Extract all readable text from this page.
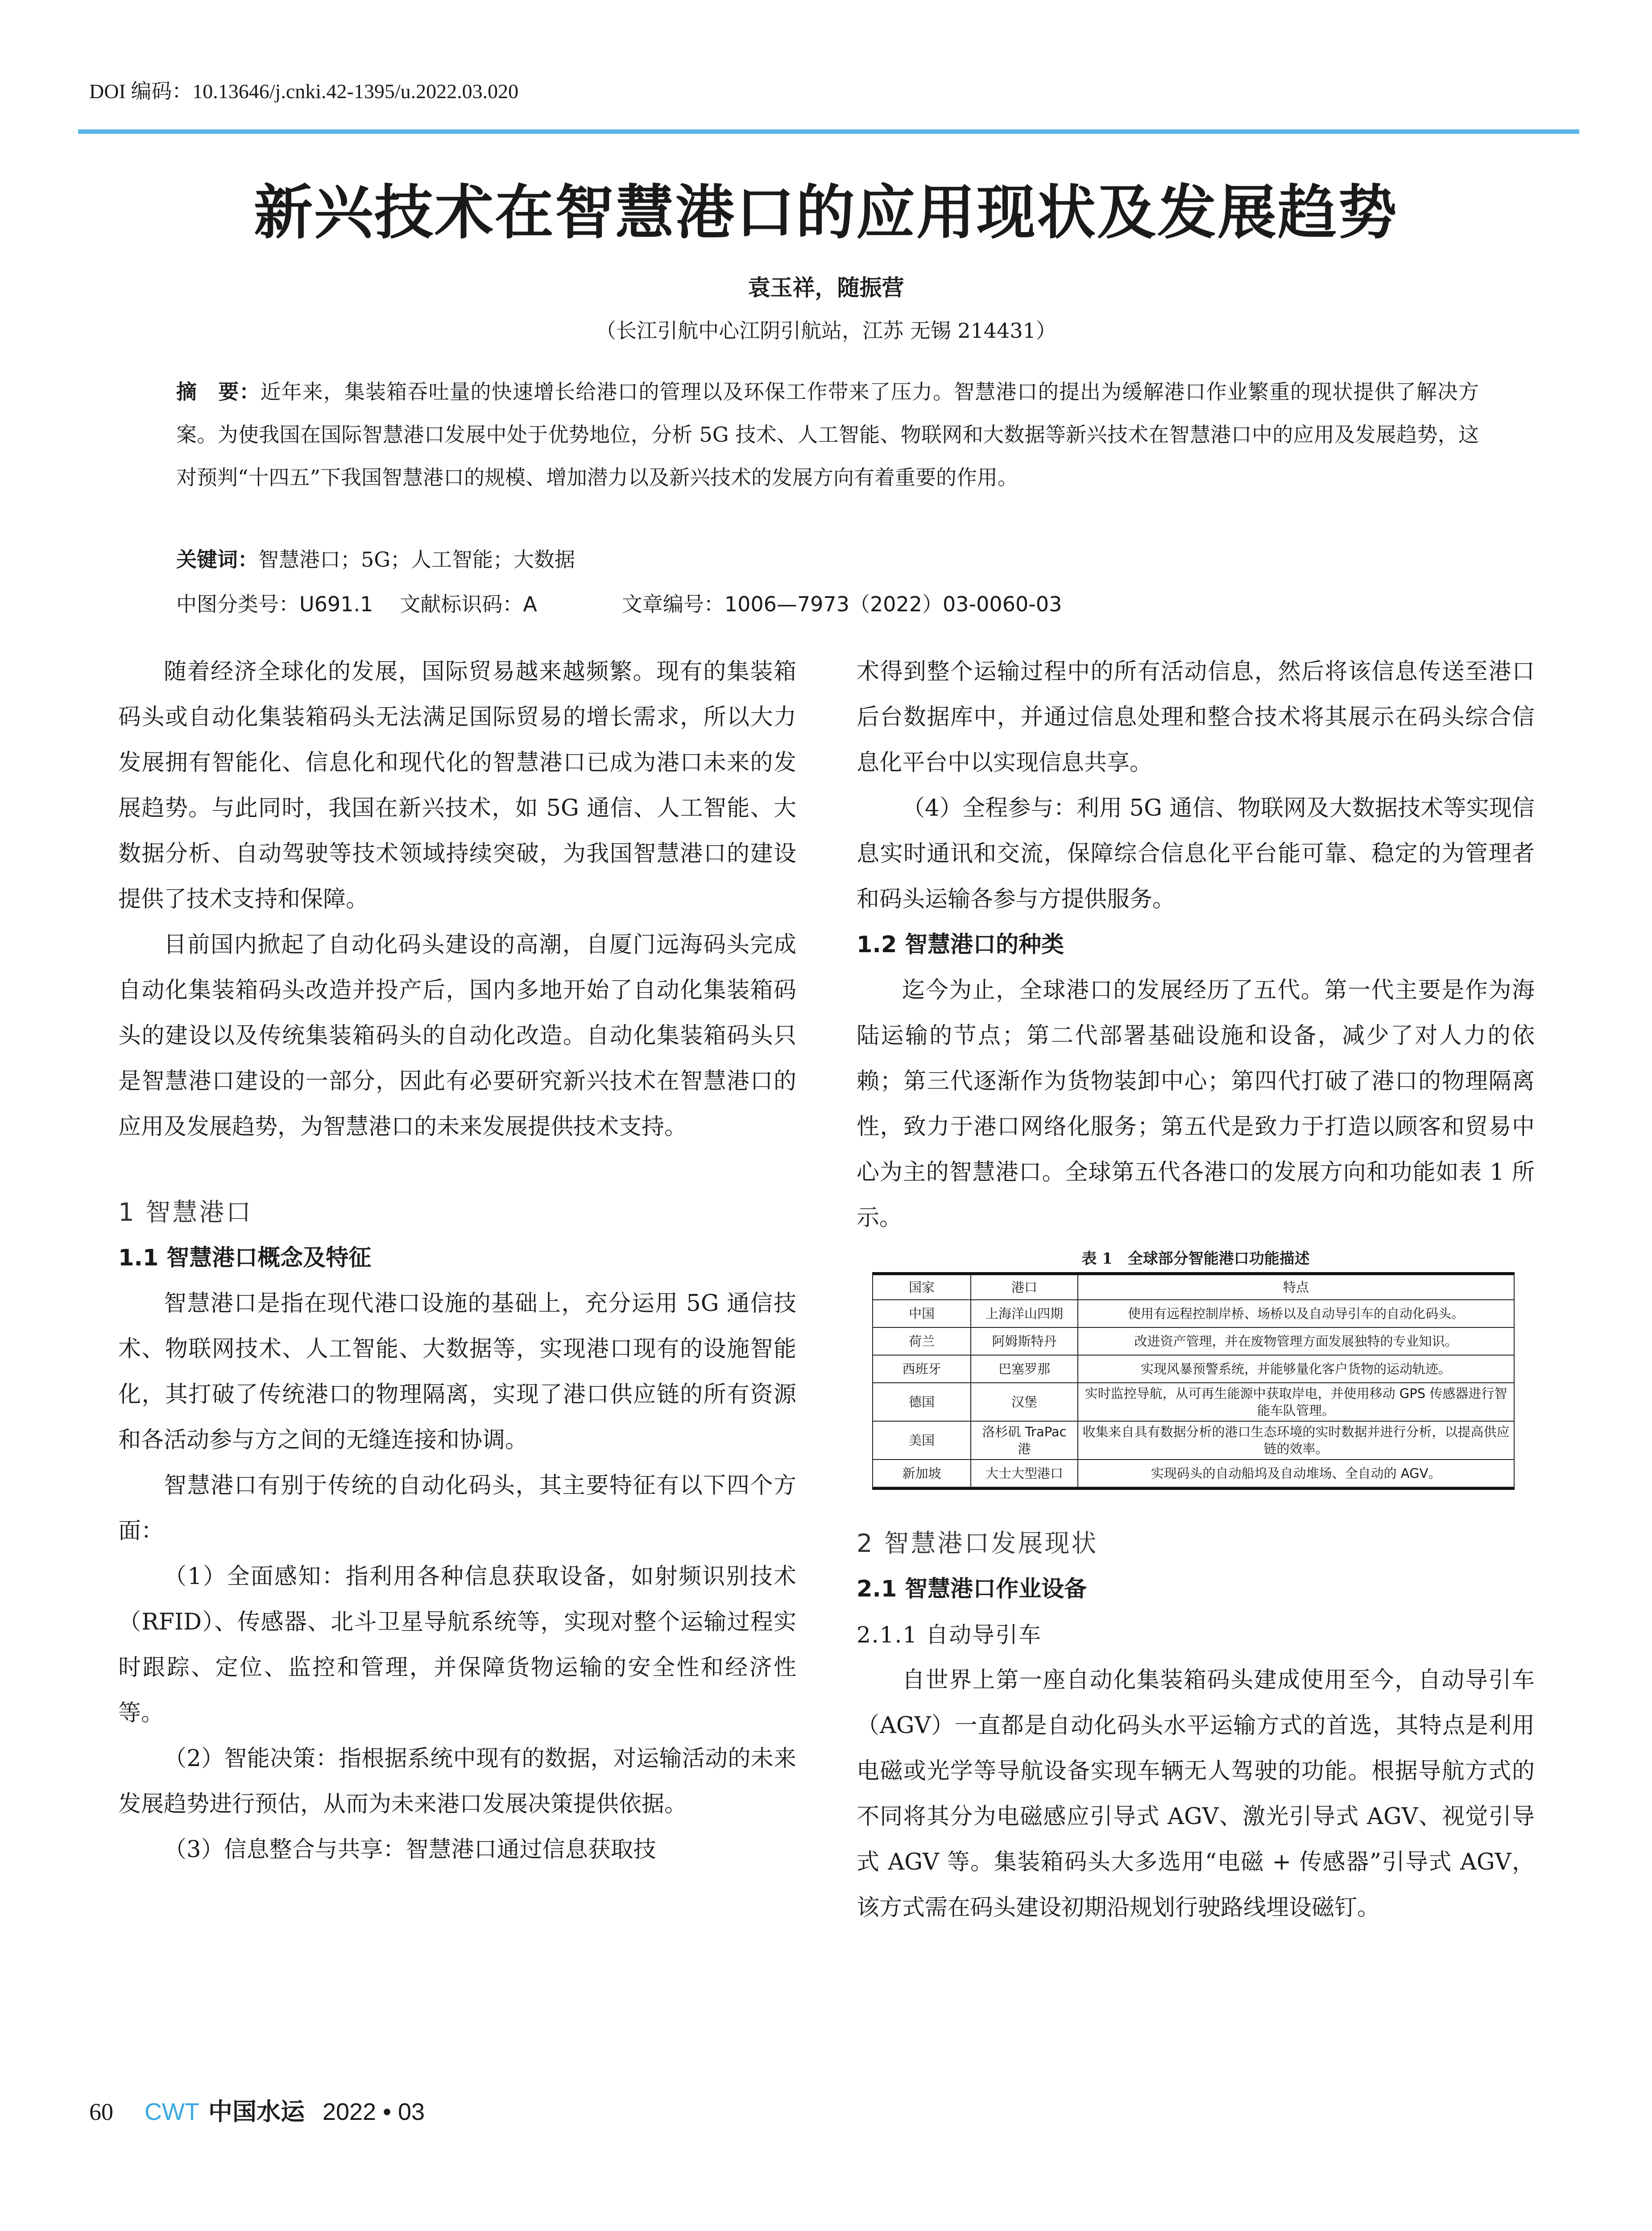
DOI 编码：10.13646/j.cnki.42-1395/u.2022.03.020
新兴技术在智慧港口的应用现状及发展趋势
袁玉祥，随振营
（长江引航中心江阴引航站，江苏 无锡 214431）
摘　要：近年来，集装箱吞吐量的快速增长给港口的管理以及环保工作带来了压力。智慧港口的提出为缓解港口作业繁重的现状提供了解决方案。为使我国在国际智慧港口发展中处于优势地位，分析 5G 技术、人工智能、物联网和大数据等新兴技术在智慧港口中的应用及发展趋势，这对预判“十四五”下我国智慧港口的规模、增加潜力以及新兴技术的发展方向有着重要的作用。
关键词：智慧港口；5G；人工智能；大数据
中图分类号：U691.1 文献标识码：A	文章编号：1006—7973（2022）03-0060-03

随着经济全球化的发展，国际贸易越来越频繁。现有的集装箱码头或自动化集装箱码头无法满足国际贸易的增长需求，所以大力发展拥有智能化、信息化和现代化的智慧港口已成为港口未来的发展趋势。与此同时，我国在新兴技术，如 5G 通信、人工智能、大数据分析、自动驾驶等技术领域持续突破，为我国智慧港口的建设提供了技术支持和保障。

目前国内掀起了自动化码头建设的高潮，自厦门远海码头完成自动化集装箱码头改造并投产后，国内多地开始了自动化集装箱码头的建设以及传统集装箱码头的自动化改造。自动化集装箱码头只是智慧港口建设的一部分，因此有必要研究新兴技术在智慧港口的应用及发展趋势，为智慧港口的未来发展提供技术支持。

1 智慧港口
1.1 智慧港口概念及特征

智慧港口是指在现代港口设施的基础上，充分运用 5G 通信技术、物联网技术、人工智能、大数据等，实现港口现有的设施智能化，其打破了传统港口的物理隔离，实现了港口供应链的所有资源和各活动参与方之间的无缝连接和协调。

智慧港口有别于传统的自动化码头，其主要特征有以下四个方面：

（1）全面感知：指利用各种信息获取设备，如射频识别技术（RFID）、传感器、北斗卫星导航系统等，实现对整个运输过程实时跟踪、定位、监控和管理，并保障货物运输的安全性和经济性等。

（2）智能决策：指根据系统中现有的数据，对运输活动的未来发展趋势进行预估，从而为未来港口发展决策提供依据。

（3）信息整合与共享：智慧港口通过信息获取技

术得到整个运输过程中的所有活动信息，然后将该信息传送至港口后台数据库中，并通过信息处理和整合技术将其展示在码头综合信息化平台中以实现信息共享。

（4）全程参与：利用 5G 通信、物联网及大数据技术等实现信息实时通讯和交流，保障综合信息化平台能可靠、稳定的为管理者和码头运输各参与方提供服务。

1.2 智慧港口的种类

迄今为止，全球港口的发展经历了五代。第一代主要是作为海陆运输的节点；第二代部署基础设施和设备，减少了对人力的依赖；第三代逐渐作为货物装卸中心；第四代打破了港口的物理隔离性，致力于港口网络化服务；第五代是致力于打造以顾客和贸易中心为主的智慧港口。全球第五代各港口的发展方向和功能如表 1 所示。

表 1　全球部分智能港口功能描述
国家	港口	特点
中国	上海洋山四期	使用有远程控制岸桥、场桥以及自动导引车的自动化码头。
荷兰	阿姆斯特丹	改进资产管理，并在废物管理方面发展独特的专业知识。
西班牙	巴塞罗那	实现风暴预警系统，并能够量化客户货物的运动轨迹。
德国	汉堡	实时监控导航，从可再生能源中获取岸电，并使用移动 GPS 传感器进行智能车队管理。
美国	洛杉矶 TraPac 港	收集来自具有数据分析的港口生态环境的实时数据并进行分析，以提高供应链的效率。
新加坡	大士大型港口	实现码头的自动船坞及自动堆场、全自动的 AGV。
2 智慧港口发展现状
2.1 智慧港口作业设备
2.1.1 自动导引车

自世界上第一座自动化集装箱码头建成使用至今，自动导引车（AGV）一直都是自动化码头水平运输方式的首选，其特点是利用电磁或光学等导航设备实现车辆无人驾驶的功能。根据导航方式的不同将其分为电磁感应引导式 AGV、激光引导式 AGV、视觉引导式 AGV 等。集装箱码头大多选用“电磁 + 传感器”引导式 AGV，该方式需在码头建设初期沿规划行驶路线埋设磁钉。

60 CWT 中国水运 2022 • 03
